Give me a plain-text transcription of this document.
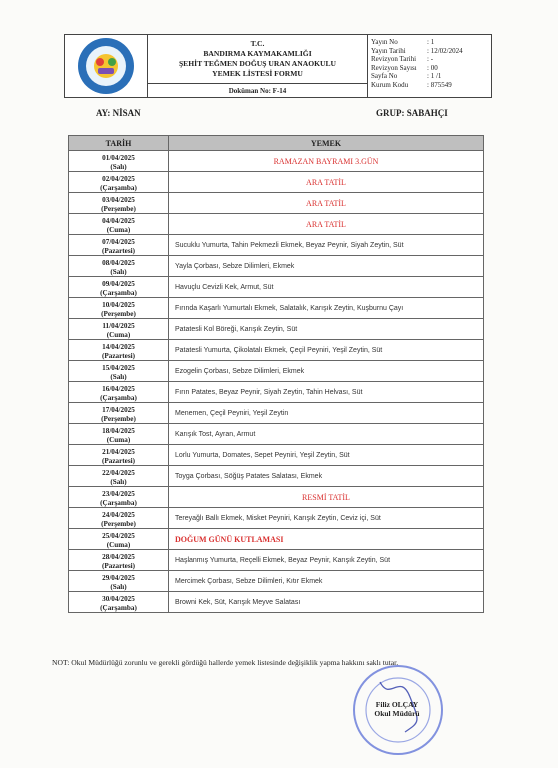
T.C.
BANDIRMA KAYMAKAMLIĞI
ŞEHİT TEĞMEN DOĞUŞ URAN ANAOKULU
YEMEK LİSTESİ FORMU
Doküman No: F-14
Yayın No	: 1
Yayın Tarihi	: 12/02/2024
Revizyon Tarihi	: -
Revizyon Sayısı	: 00
Sayfa No	: 1 /1
Kurum Kodu	: 875549
AY: NİSAN	GRUP: SABAHÇI
TARİH	YEMEK
01/04/2025
(Salı)	RAMAZAN BAYRAMI 3.GÜN
02/04/2025
(Çarşamba)	ARA TATİL
03/04/2025
(Perşembe)	ARA TATİL
04/04/2025
(Cuma)	ARA TATİL
07/04/2025
(Pazartesi)	Sucuklu Yumurta, Tahin Pekmezli Ekmek, Beyaz Peynir, Siyah Zeytin, Süt
08/04/2025
(Salı)	Yayla Çorbası, Sebze Dilimleri, Ekmek
09/04/2025
(Çarşamba)	Havuçlu Cevizli Kek, Armut, Süt
10/04/2025
(Perşembe)	Fırında Kaşarlı Yumurtalı Ekmek, Salatalık, Karışık Zeytin, Kuşburnu Çayı
11/04/2025
(Cuma)	Patatesli Kol Böreği, Karışık Zeytin, Süt
14/04/2025
(Pazartesi)	Patatesli Yumurta, Çikolatalı Ekmek, Çeçil Peyniri, Yeşil Zeytin, Süt
15/04/2025
(Salı)	Ezogelin Çorbası, Sebze Dilimleri, Ekmek
16/04/2025
(Çarşamba)	Fırın Patates, Beyaz Peynir, Siyah Zeytin, Tahin Helvası, Süt
17/04/2025
(Perşembe)	Menemen, Çeçil Peyniri, Yeşil Zeytin
18/04/2025
(Cuma)	Karışık Tost, Ayran, Armut
21/04/2025
(Pazartesi)	Lorlu Yumurta, Domates, Sepet Peyniri, Yeşil Zeytin, Süt
22/04/2025
(Salı)	Toyga Çorbası, Söğüş Patates Salatası, Ekmek
23/04/2025
(Çarşamba)	RESMİ TATİL
24/04/2025
(Perşembe)	Tereyağlı Ballı Ekmek, Misket Peyniri, Karışık Zeytin, Ceviz içi, Süt
25/04/2025
(Cuma)	DOĞUM GÜNÜ KUTLAMASI
28/04/2025
(Pazartesi)	Haşlanmış Yumurta, Reçelli Ekmek, Beyaz Peynir, Karışık Zeytin, Süt
29/04/2025
(Salı)	Mercimek Çorbası, Sebze Dilimleri, Kıtır Ekmek
30/04/2025
(Çarşamba)	Browni Kek, Süt, Karışık Meyve Salatası
NOT: Okul Müdürlüğü zorunlu ve gerekli gördüğü hallerde yemek listesinde değişiklik yapma hakkını saklı tutar.
Filiz OLÇAY
Okul Müdürü
